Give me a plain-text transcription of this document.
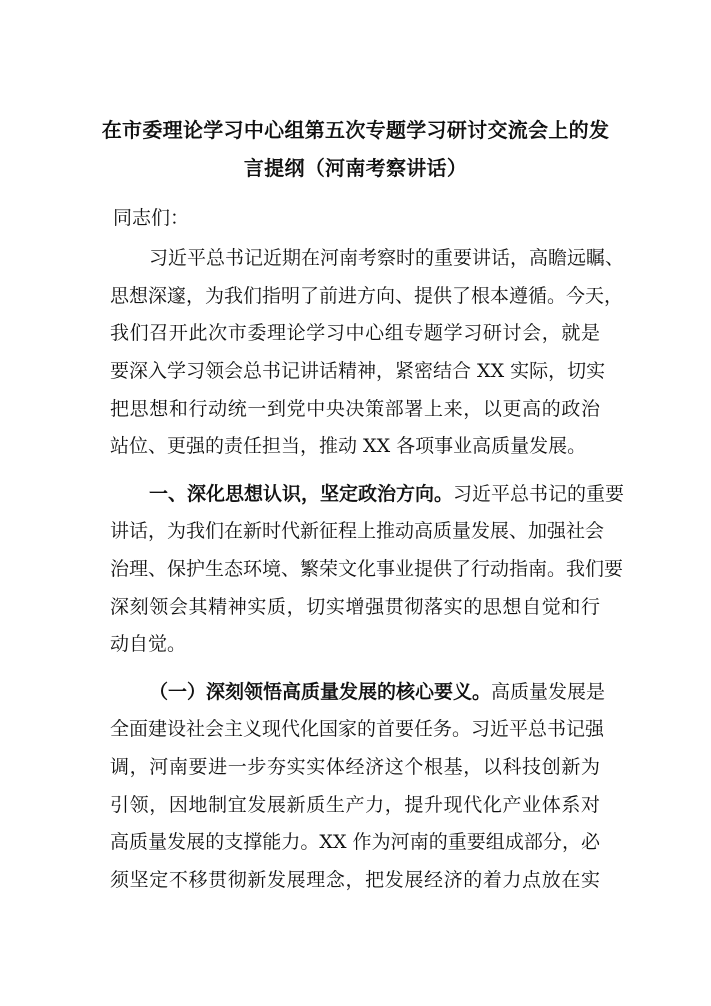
在市委理论学习中心组第五次专题学习研讨交流会上的发
言提纲（河南考察讲话）
同志们：
习近平总书记近期在河南考察时的重要讲话，高瞻远瞩、
思想深邃，为我们指明了前进方向、提供了根本遵循。今天，
我们召开此次市委理论学习中心组专题学习研讨会，就是
要深入学习领会总书记讲话精神，紧密结合 XX 实际，切实
把思想和行动统一到党中央决策部署上来，以更高的政治
站位、更强的责任担当，推动 XX 各项事业高质量发展。
一、深化思想认识，坚定政治方向。习近平总书记的重要
讲话，为我们在新时代新征程上推动高质量发展、加强社会
治理、保护生态环境、繁荣文化事业提供了行动指南。我们要
深刻领会其精神实质，切实增强贯彻落实的思想自觉和行
动自觉。
（一）深刻领悟高质量发展的核心要义。高质量发展是
全面建设社会主义现代化国家的首要任务。习近平总书记强
调，河南要进一步夯实实体经济这个根基，以科技创新为
引领，因地制宜发展新质生产力，提升现代化产业体系对
高质量发展的支撑能力。XX 作为河南的重要组成部分，必
须坚定不移贯彻新发展理念，把发展经济的着力点放在实
